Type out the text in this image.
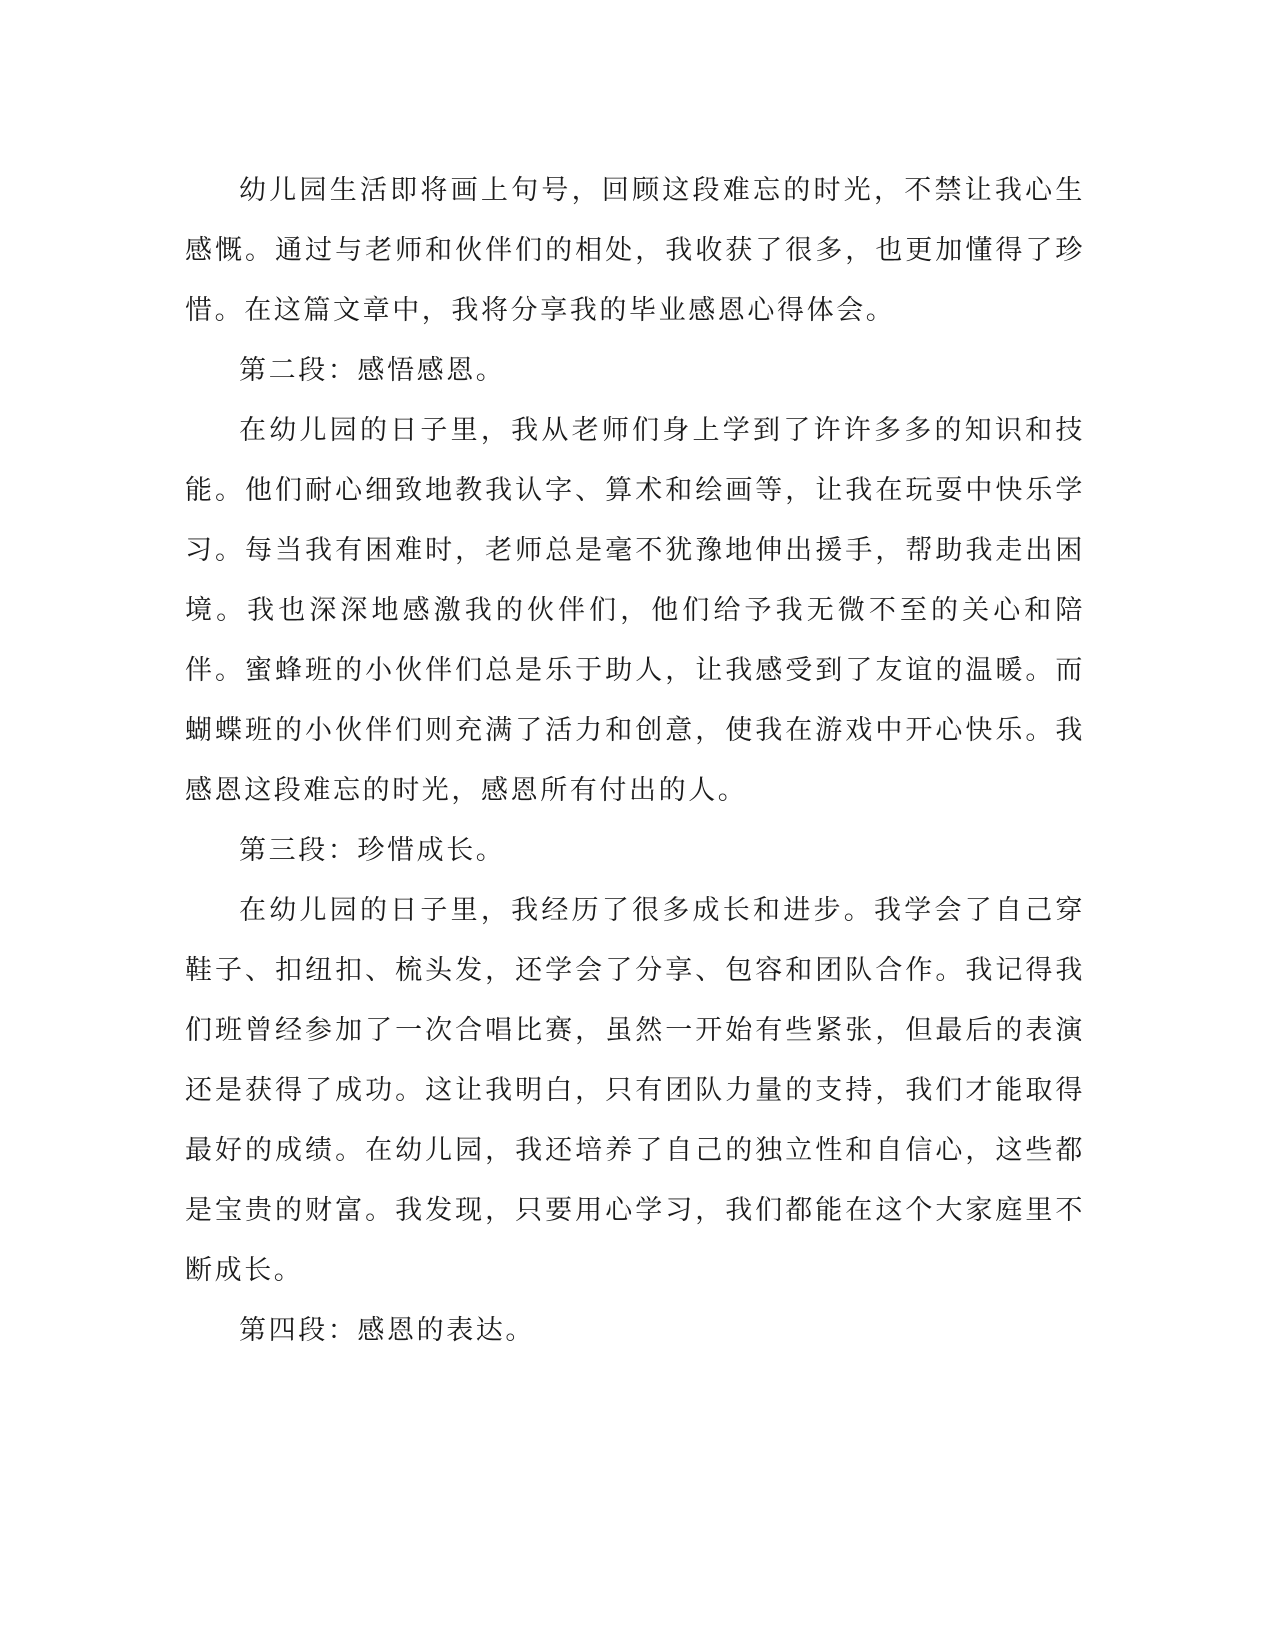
幼儿园生活即将画上句号，回顾这段难忘的时光，不禁让我心生感慨。通过与老师和伙伴们的相处，我收获了很多，也更加懂得了珍惜。在这篇文章中，我将分享我的毕业感恩心得体会。

第二段：感悟感恩。

在幼儿园的日子里，我从老师们身上学到了许许多多的知识和技能。他们耐心细致地教我认字、算术和绘画等，让我在玩耍中快乐学习。每当我有困难时，老师总是毫不犹豫地伸出援手，帮助我走出困境。我也深深地感激我的伙伴们，他们给予我无微不至的关心和陪伴。蜜蜂班的小伙伴们总是乐于助人，让我感受到了友谊的温暖。而蝴蝶班的小伙伴们则充满了活力和创意，使我在游戏中开心快乐。我感恩这段难忘的时光，感恩所有付出的人。

第三段：珍惜成长。

在幼儿园的日子里，我经历了很多成长和进步。我学会了自己穿鞋子、扣纽扣、梳头发，还学会了分享、包容和团队合作。我记得我们班曾经参加了一次合唱比赛，虽然一开始有些紧张，但最后的表演还是获得了成功。这让我明白，只有团队力量的支持，我们才能取得最好的成绩。在幼儿园，我还培养了自己的独立性和自信心，这些都是宝贵的财富。我发现，只要用心学习，我们都能在这个大家庭里不断成长。

第四段：感恩的表达。
